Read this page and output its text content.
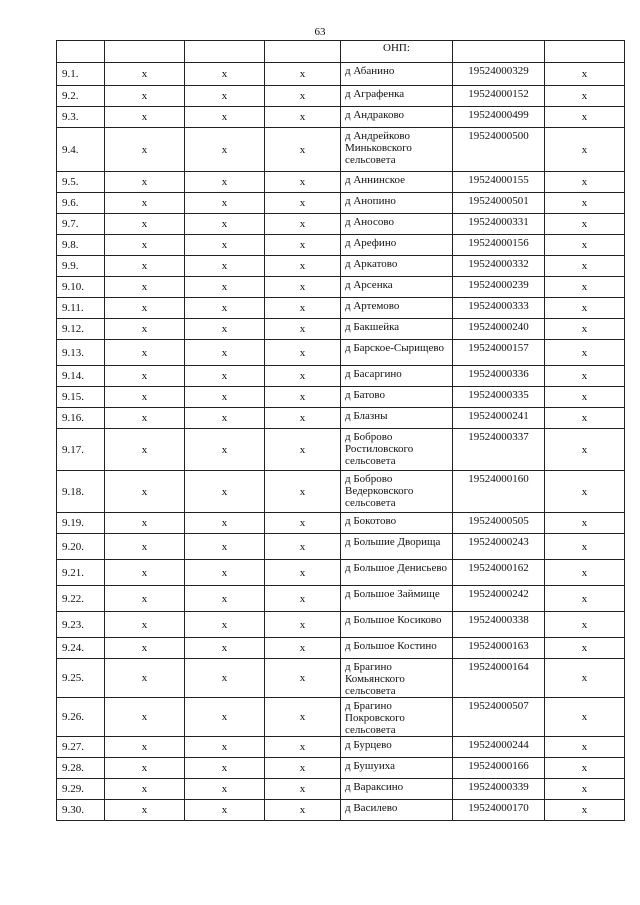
63
				ОНП:		
9.1.	х	х	х	д Абанино	19524000329	х
9.2.	х	х	х	д Аграфенка	19524000152	х
9.3.	х	х	х	д Андраково	19524000499	х
9.4.	х	х	х	д Андрейково Миньковского сельсовета	19524000500	х
9.5.	х	х	х	д Аннинское	19524000155	х
9.6.	х	х	х	д Анопино	19524000501	х
9.7.	х	х	х	д Аносово	19524000331	х
9.8.	х	х	х	д Арефино	19524000156	х
9.9.	х	х	х	д Аркатово	19524000332	х
9.10.	х	х	х	д Арсенка	19524000239	х
9.11.	х	х	х	д Артемово	19524000333	х
9.12.	х	х	х	д Бакшейка	19524000240	х
9.13.	х	х	х	д Барское-Сырищево	19524000157	х
9.14.	х	х	х	д Басаргино	19524000336	х
9.15.	х	х	х	д Батово	19524000335	х
9.16.	х	х	х	д Блазны	19524000241	х
9.17.	х	х	х	д Боброво Ростиловского сельсовета	19524000337	х
9.18.	х	х	х	д Боброво Ведерковского сельсовета	19524000160	х
9.19.	х	х	х	д Бокотово	19524000505	х
9.20.	х	х	х	д Большие Дворища	19524000243	х
9.21.	х	х	х	д Большое Денисьево	19524000162	х
9.22.	х	х	х	д Большое Займище	19524000242	х
9.23.	х	х	х	д Большое Косиково	19524000338	х
9.24.	х	х	х	д Большое Костино	19524000163	х
9.25.	х	х	х	д Брагино Комьянского сельсовета	19524000164	х
9.26.	х	х	х	д Брагино Покровского сельсовета	19524000507	х
9.27.	х	х	х	д Бурцево	19524000244	х
9.28.	х	х	х	д Бушуиха	19524000166	х
9.29.	х	х	х	д Вараксино	19524000339	х
9.30.	х	х	х	д Василево	19524000170	х
